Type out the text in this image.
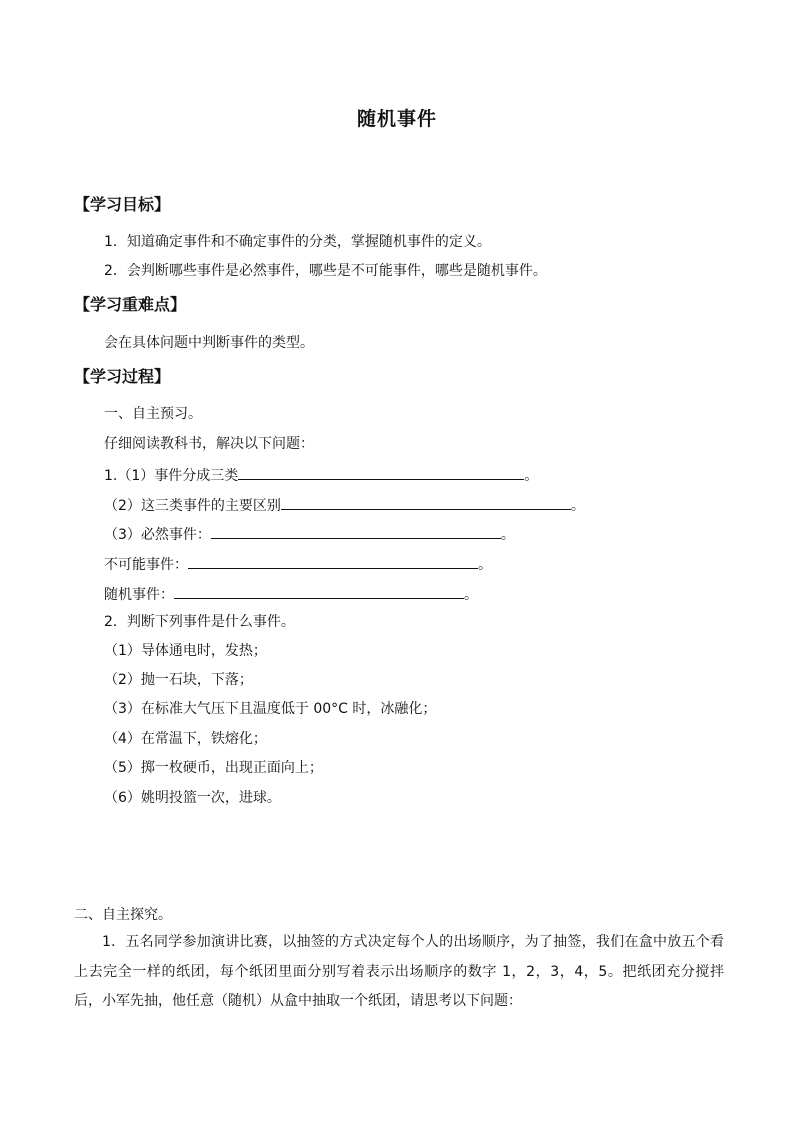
随机事件
【学习目标】
1．知道确定事件和不确定事件的分类，掌握随机事件的定义。
2．会判断哪些事件是必然事件，哪些是不可能事件，哪些是随机事件。
【学习重难点】
会在具体问题中判断事件的类型。
【学习过程】
一、自主预习。
仔细阅读教科书，解决以下问题：
1.（1）事件分成三类	。
（2）这三类事件的主要区别	。
（3）必然事件：	。
不可能事件：	。
随机事件：	。
2．判断下列事件是什么事件。
（1）导体通电时，发热；
（2）抛一石块，下落；
（3）在标准大气压下且温度低于 00°C 时，冰融化；
（4）在常温下，铁熔化；
（5）掷一枚硬币，出现正面向上；
（6）姚明投篮一次，进球。
二、自主探究。
1．五名同学参加演讲比赛，以抽签的方式决定每个人的出场顺序，为了抽签，我们在盒中放五个看上去完全一样的纸团，每个纸团里面分别写着表示出场顺序的数字 1，2，3，4，5。把纸团充分搅拌后，小军先抽，他任意（随机）从盒中抽取一个纸团，请思考以下问题：
